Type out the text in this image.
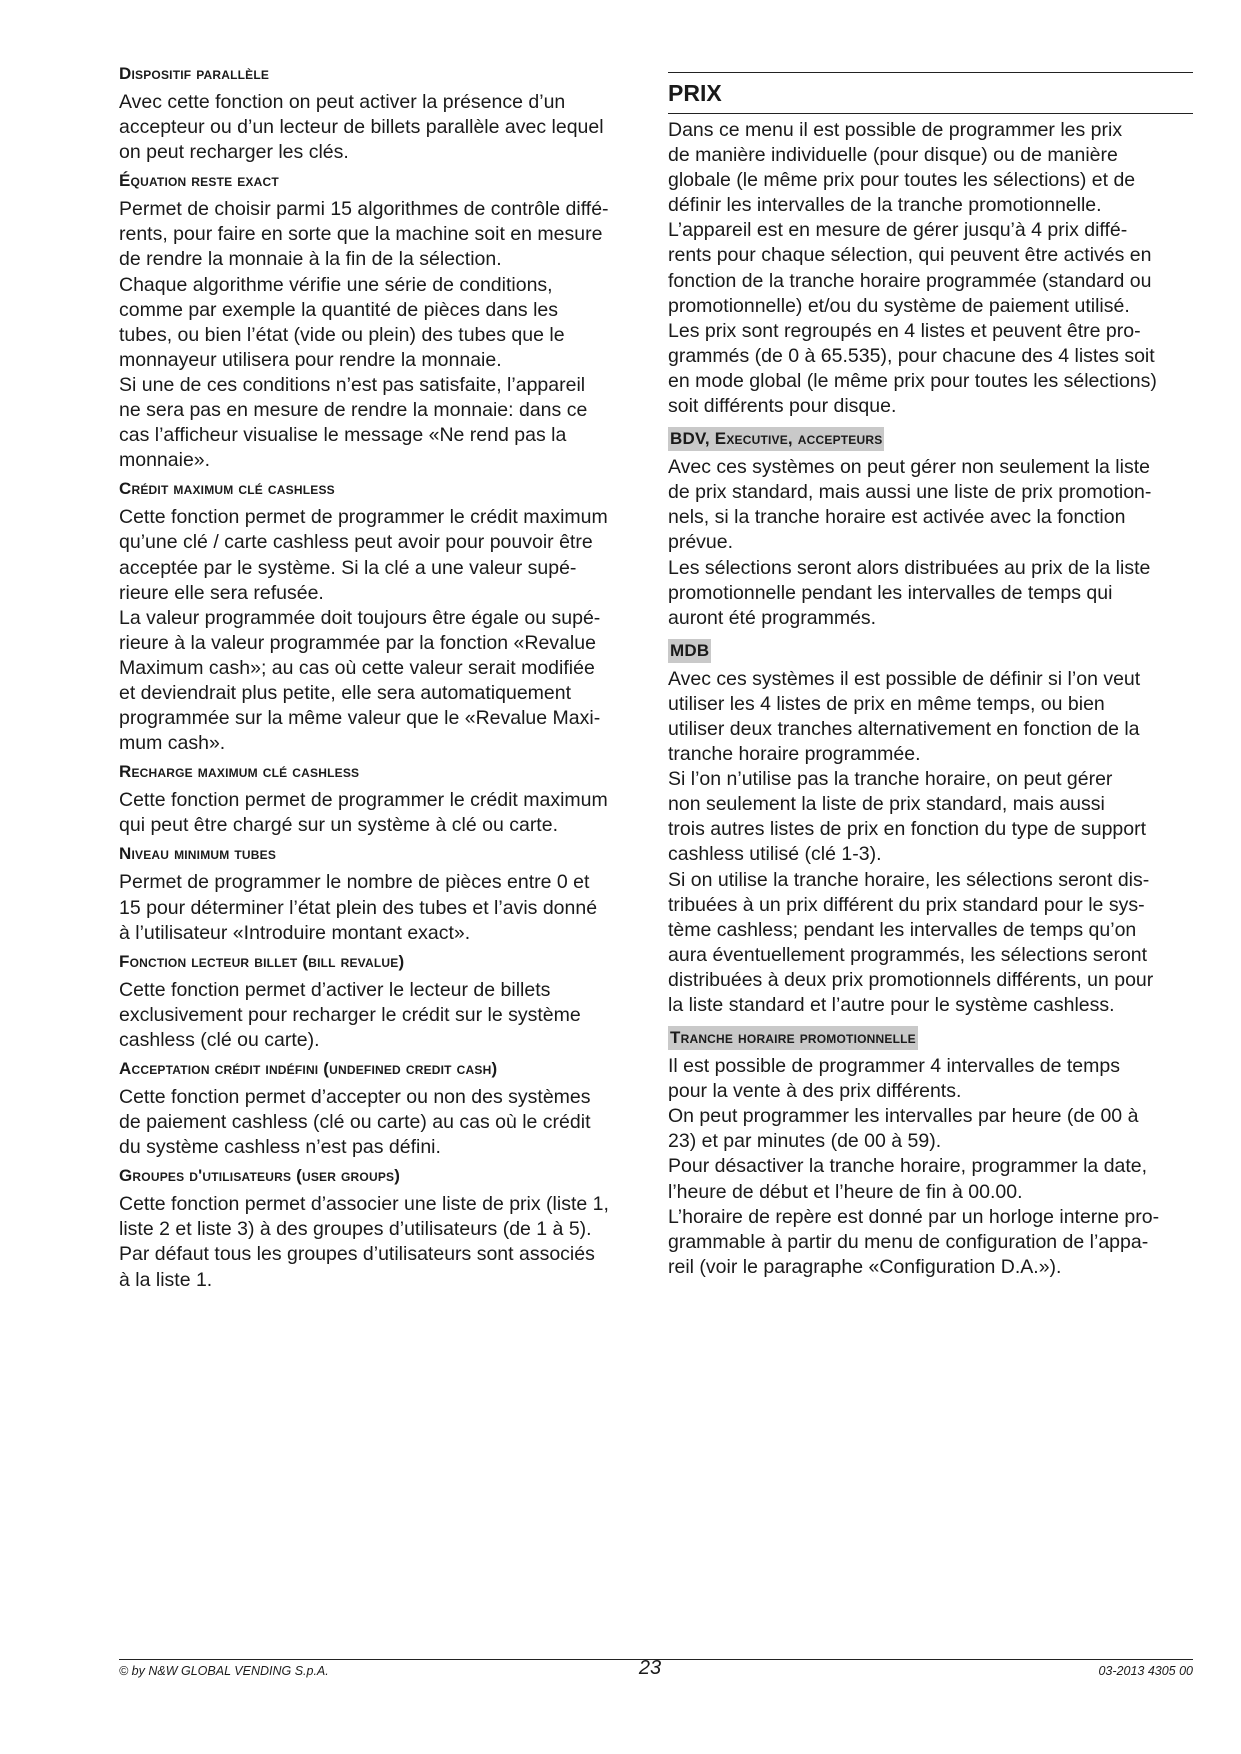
Dispositif parallèle
Avec cette fonction on peut activer la présence d’un
accepteur ou d’un lecteur de billets parallèle avec lequel
on peut recharger les clés.
Équation reste exact
Permet de choisir parmi 15 algorithmes de contrôle diffé-
rents, pour faire en sorte que la machine soit en mesure
de rendre la monnaie à la fin de la sélection.
Chaque algorithme vérifie une série de conditions,
comme par exemple la quantité de pièces dans les
tubes, ou bien l’état (vide ou plein) des tubes que le
monnayeur utilisera pour rendre la monnaie.
Si une de ces conditions n’est pas satisfaite, l’appareil
ne sera pas en mesure de rendre la monnaie: dans ce
cas l’afficheur visualise le message «Ne rend pas la
monnaie».
Crédit maximum clé cashless
Cette fonction permet de programmer le crédit maximum
qu’une clé / carte cashless peut avoir pour pouvoir être
acceptée par le système. Si la clé a une valeur supé-
rieure elle sera refusée.
La valeur programmée doit toujours être égale ou supé-
rieure à la valeur programmée par la fonction «Revalue
Maximum cash»; au cas où cette valeur serait modifiée
et deviendrait plus petite, elle sera automatiquement
programmée sur la même valeur que le «Revalue Maxi-
mum cash».
Recharge maximum clé cashless
Cette fonction permet de programmer le crédit maximum
qui peut être chargé sur un système à clé ou carte.
Niveau minimum tubes
Permet de programmer le nombre de pièces entre 0 et
15 pour déterminer l’état plein des tubes et l’avis donné
à l’utilisateur «Introduire montant exact».
Fonction lecteur billet (bill revalue)
Cette fonction permet d’activer le lecteur de billets
exclusivement pour recharger le crédit sur le système
cashless (clé ou carte).
Acceptation crédit indéfini (undefined credit cash)
Cette fonction permet d’accepter ou non des systèmes
de paiement cashless (clé ou carte) au cas où le crédit
du système cashless n’est pas défini.
Groupes d'utilisateurs (user groups)
Cette fonction permet d’associer une liste de prix (liste 1,
liste 2 et liste 3) à des groupes d’utilisateurs (de 1 à 5).
Par défaut tous les groupes d’utilisateurs sont associés
à la liste 1.
PRIX
Dans ce menu il est possible de programmer les prix
de manière individuelle (pour disque) ou de manière
globale (le même prix pour toutes les sélections) et de
définir les intervalles de la tranche promotionnelle.
L’appareil est en mesure de gérer jusqu’à 4 prix diffé-
rents pour chaque sélection, qui peuvent être activés en
fonction de la tranche horaire programmée (standard ou
promotionnelle) et/ou du système de paiement utilisé.
Les prix sont regroupés en 4 listes et peuvent être pro-
grammés (de 0 à 65.535), pour chacune des 4 listes soit
en mode global (le même prix pour toutes les sélections)
soit différents pour disque.
BDV, Executive, accepteurs
Avec ces systèmes on peut gérer non seulement la liste
de prix standard, mais aussi une liste de prix promotion-
nels, si la tranche horaire est activée avec la fonction
prévue.
Les sélections seront alors distribuées au prix de la liste
promotionnelle pendant les intervalles de temps qui
auront été programmés.
MDB
Avec ces systèmes il est possible de définir si l’on veut
utiliser les 4 listes de prix en même temps, ou bien
utiliser deux tranches alternativement en fonction de la
tranche horaire programmée.
Si l’on n’utilise pas la tranche horaire, on peut gérer
non seulement la liste de prix standard, mais aussi
trois autres listes de prix en fonction du type de support
cashless utilisé (clé 1-3).
Si on utilise la tranche horaire, les sélections seront dis-
tribuées à un prix différent du prix standard pour le sys-
tème cashless; pendant les intervalles de temps qu’on
aura éventuellement programmés, les sélections seront
distribuées à deux prix promotionnels différents, un pour
la liste standard et l’autre pour le système cashless.
Tranche horaire promotionnelle
Il est possible de programmer 4 intervalles de temps
pour la vente à des prix différents.
On peut programmer les intervalles par heure (de 00 à
23) et par minutes (de 00 à 59).
Pour désactiver la tranche horaire, programmer la date,
l’heure de début et l’heure de fin à 00.00.
L’horaire de repère est donné par un horloge interne pro-
grammable à partir du menu de configuration de l’appa-
reil (voir le paragraphe «Configuration D.A.»).
© by N&W GLOBAL VENDING S.p.A.	23	03-2013 4305 00
